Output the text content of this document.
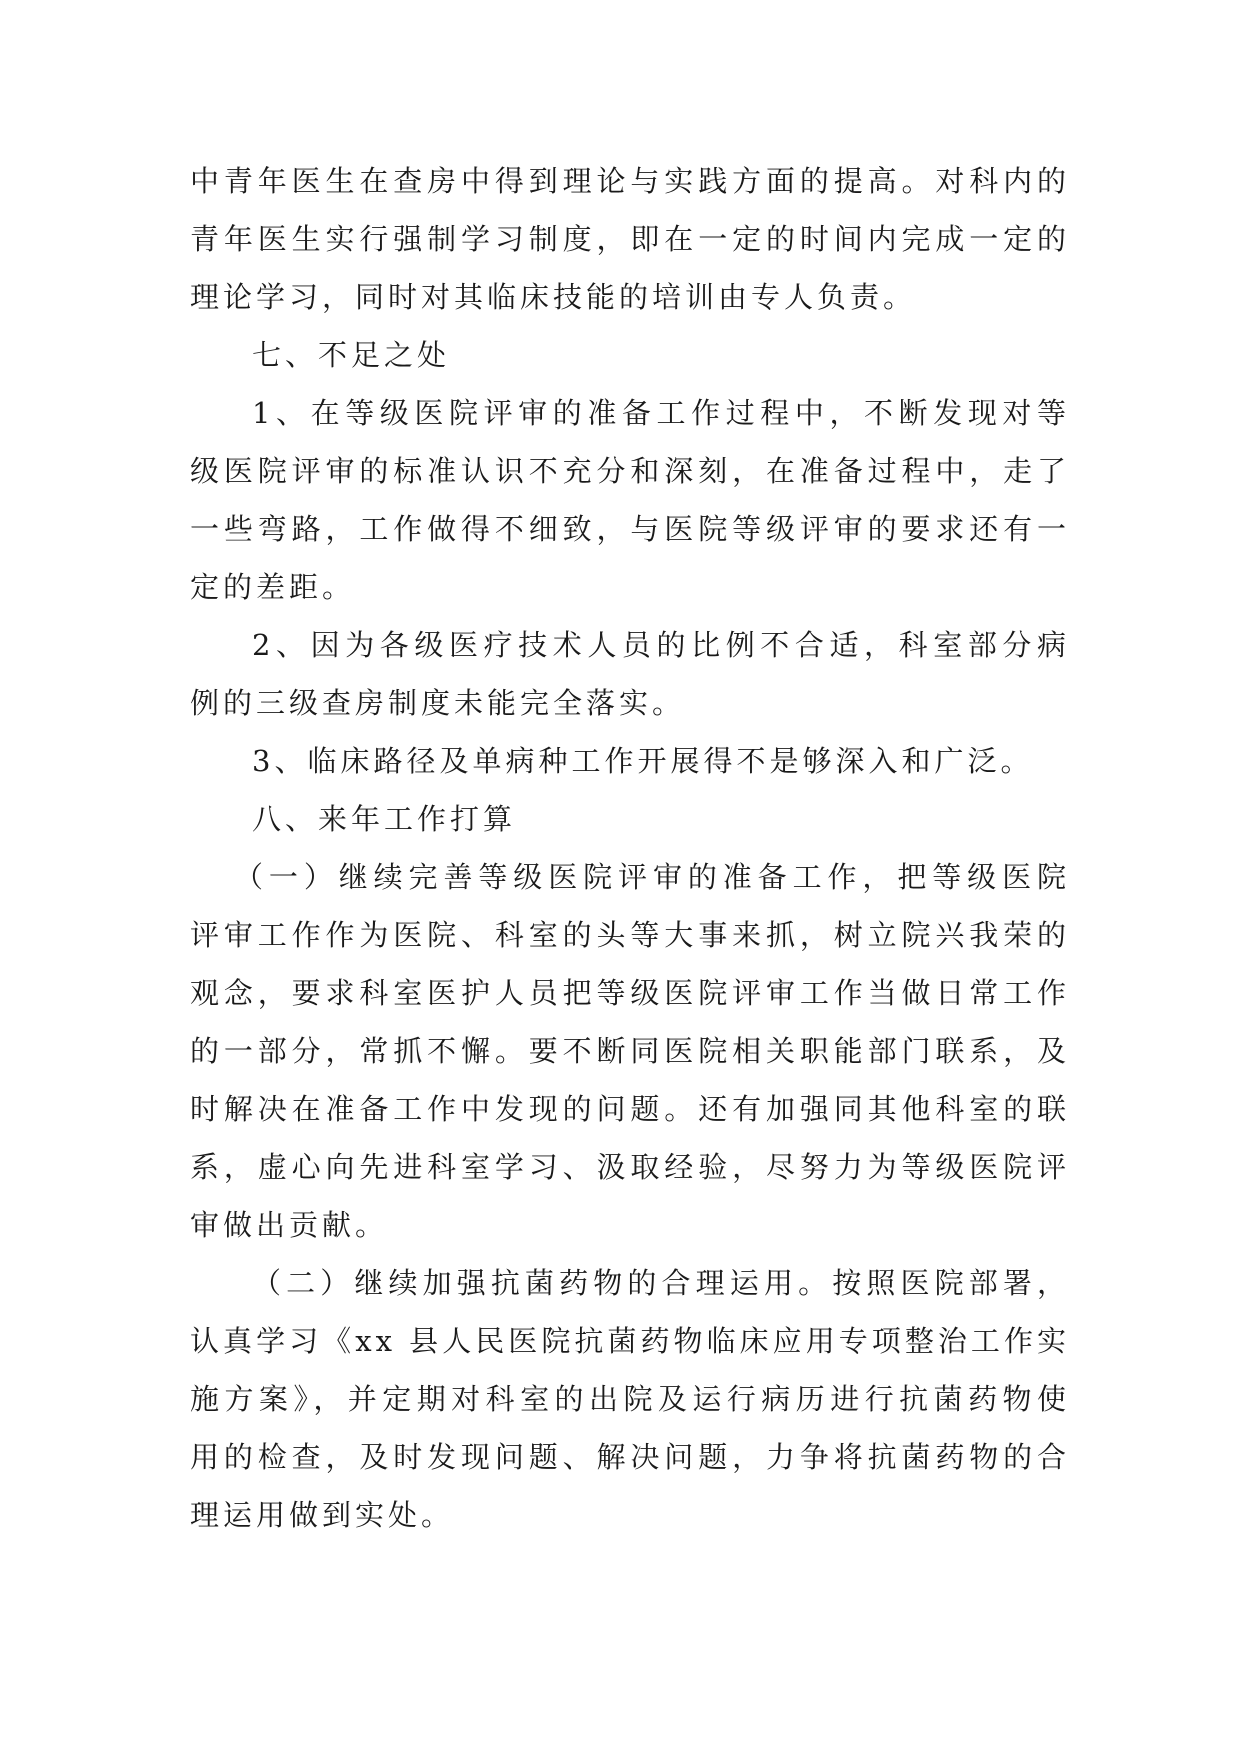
中青年医生在查房中得到理论与实践方面的提高。对科内的
青年医生实行强制学习制度，即在一定的时间内完成一定的
理论学习，同时对其临床技能的培训由专人负责。
七、不足之处
1、在等级医院评审的准备工作过程中，不断发现对等
级医院评审的标准认识不充分和深刻，在准备过程中，走了
一些弯路，工作做得不细致，与医院等级评审的要求还有一
定的差距。
2、因为各级医疗技术人员的比例不合适，科室部分病
例的三级查房制度未能完全落实。
3、临床路径及单病种工作开展得不是够深入和广泛。
八、来年工作打算
（一）继续完善等级医院评审的准备工作，把等级医院
评审工作作为医院、科室的头等大事来抓，树立院兴我荣的
观念，要求科室医护人员把等级医院评审工作当做日常工作
的一部分，常抓不懈。要不断同医院相关职能部门联系，及
时解决在准备工作中发现的问题。还有加强同其他科室的联
系，虚心向先进科室学习、汲取经验，尽努力为等级医院评
审做出贡献。
（二）继续加强抗菌药物的合理运用。按照医院部署，
认真学习《xx 县人民医院抗菌药物临床应用专项整治工作实
施方案》，并定期对科室的出院及运行病历进行抗菌药物使
用的检查，及时发现问题、解决问题，力争将抗菌药物的合
理运用做到实处。
